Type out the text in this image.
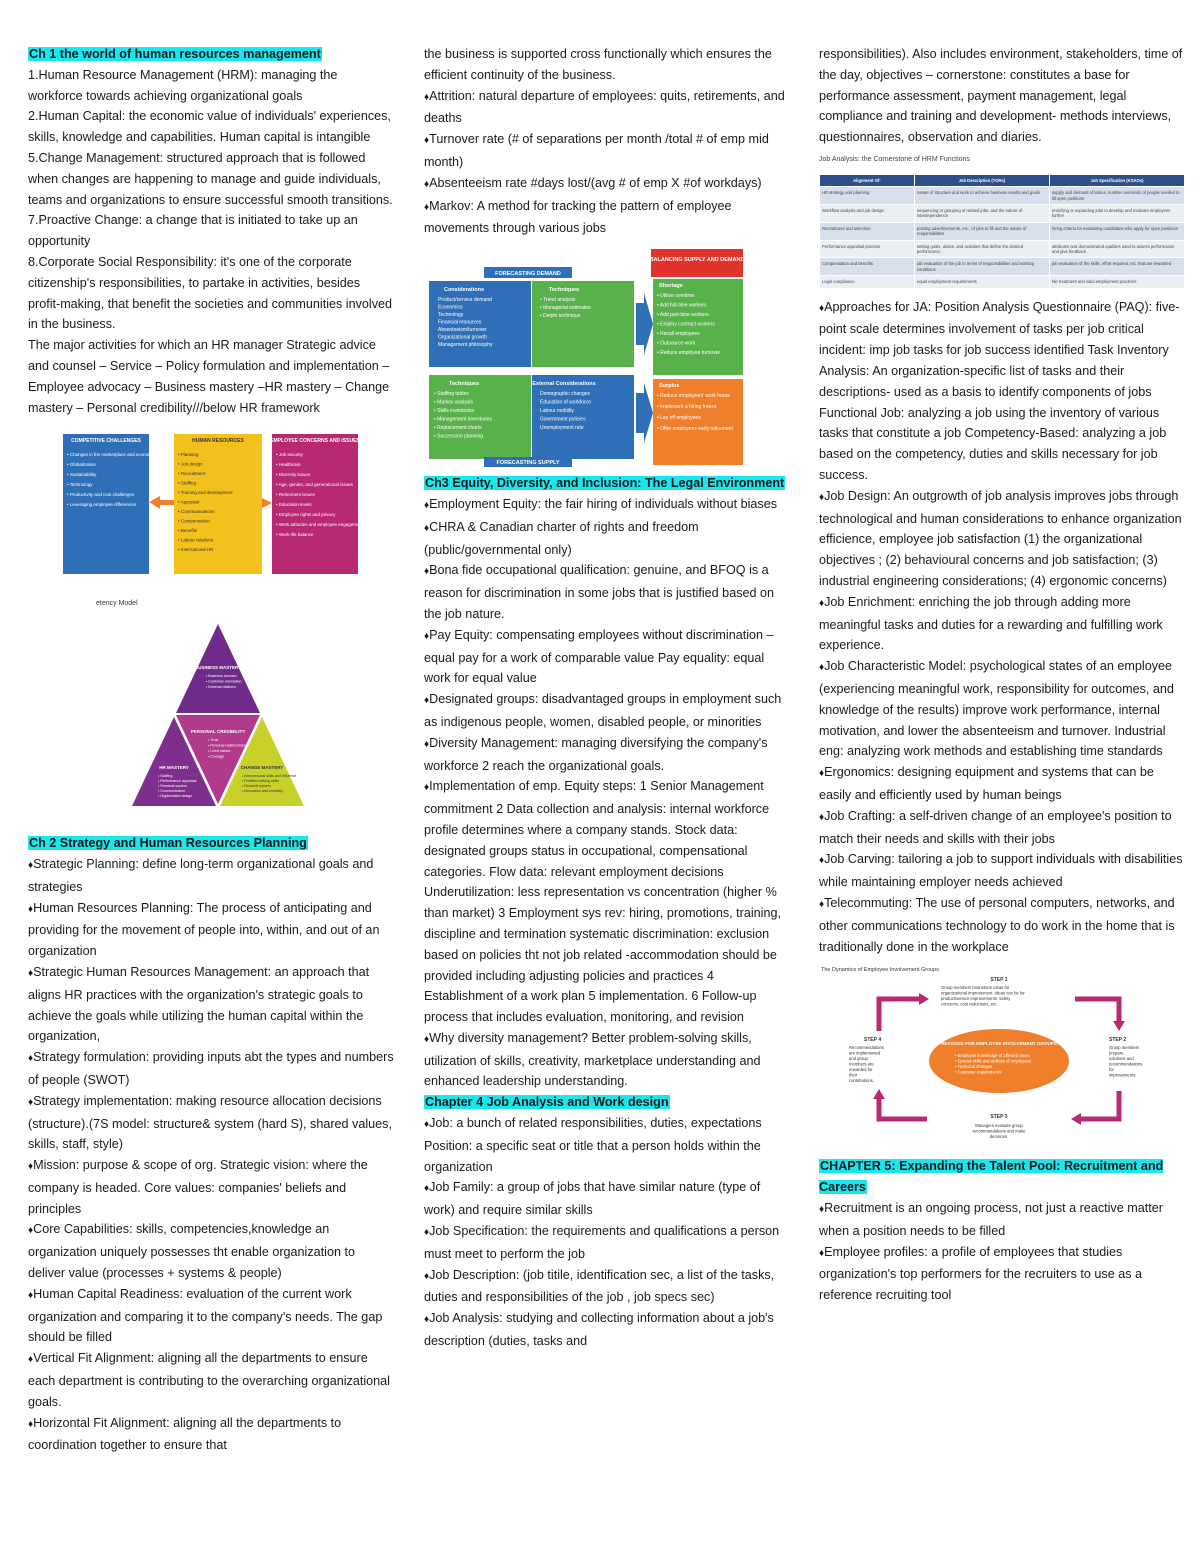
Ch 1 the world of human resources management

1.Human Resource Management (HRM): managing the workforce towards achieving organizational goals

2.Human Capital: the economic value of individuals' experiences, skills, knowledge and capabilities. Human capital is intangible

5.Change Management: structured approach that is followed when changes are happening to manage and guide individuals, teams and organizations to ensure successful smooth transitions.

7.Proactive Change: a change that is initiated to take up an opportunity

8.Corporate Social Responsibility: it's one of the corporate citizenship's responsibilities, to partake in activities, besides profit-making, that benefit the societies and communities involved in the business.

The major activities for which an HR manager Strategic advice and counsel – Service – Policy formulation and implementation – Employee advocacy – Business mastery –HR mastery – Change mastery – Personal credibility///below HR framework

COMPETITIVE CHALLENGES	HUMAN RESOURCES	EMPLOYEE CONCERNS AND ISSUES
• Changes in the marketplace and economy
• Globalization
• Sustainability
• Technology
• Productivity and cost challenges
• Leveraging employee differences
• Planning
• Job design
• Recruitment
• Staffing
• Training and development
• Appraisal
• Communications
• Compensation
• Benefits
• Labour relations
• International HR
• Job security
• Healthcare
• Diversity issues
• Age, gender, and generational issues
• Retirement issues
• Education levels
• Employee rights and privacy
• Work attitudes and employee engagement
• Work-life balance
etency Model
BUSINESS MASTERY
PERSONAL CREDIBILITY
HR MASTERY	CHANGE MASTERY
• Business acumen
• Customer orientation
• External relations
• Trust
• Personal relationships
• Lived values
• Courage
• Staffing
• Performance appraisal
• Rewards system
• Communication
• Organization design
• Interpersonal skills and influence
• Problem-solving skills
• Rewards system
• Innovation and creativity

Ch 2 Strategy and Human Resources Planning

♦ Strategic Planning: define long-term organizational goals and strategies

♦ Human Resources Planning: The process of anticipating and providing for the movement of people into, within, and out of an organization

♦ Strategic Human Resources Management: an approach that aligns HR practices with the organization's strategic goals to achieve the goals while utilizing the human capital within the organization,

♦ Strategy formulation: providing inputs abt the types and numbers of people (SWOT)

♦ Strategy implementation: making resource allocation decisions (structure).(7S model: structure& system (hard S), shared values, skills, staff, style)

♦ Mission: purpose & scope of org. Strategic vision: where the company is headed. Core values: companies' beliefs and principles

♦ Core Capabilities: skills, competencies,knowledge an organization uniquely possesses tht enable organization to deliver value (processes + systems & people)

♦ Human Capital Readiness: evaluation of the current work organization and comparing it to the company's needs. The gap should be filled

♦ Vertical Fit Alignment: aligning all the departments to ensure each department is contributing to the overarching organizational goals.

♦ Horizontal Fit Alignment: aligning all the departments to coordination together to ensure that

the business is supported cross functionally which ensures the efficient continuity of the business.

♦ Attrition: natural departure of employees: quits, retirements, and deaths

♦ Turnover rate (# of separations per month /total # of emp mid month)

♦ Absenteeism rate #days lost/(avg # of emp X #of workdays)

♦ Markov: A method for tracking the pattern of employee movements through various jobs

FORECASTING DEMAND
BALANCING SUPPLY AND DEMAND
FORECASTING SUPPLY
Considerations	Techniques
Shortage
Techniques	External Considerations	Surplus
Product/service demand
Economics
Technology
Financial resources
Absenteeism/turnover
Organizational growth
Management philosophy
• Trend analysis
• Managerial estimates
• Delphi technique
• Utilize overtime
• Add full-time workers
• Add part-time workers
• Employ contract workers
• Recall employees
• Outsource work
• Reduce employee turnover
• Staffing tables
• Markov analysis
• Skills inventories
• Management inventories
• Replacement charts
• Succession planning
Demographic changes
Education of workforce
Labour mobility
Government policies
Unemployment rate
• Reduce employees' work hours
• Implement a hiring freeze
• Lay off employees
• Offer employees early retirement

Ch3 Equity, Diversity, and Inclusion: The Legal Environment

♦ Employment Equity: the fair hiring of individuals without biases

♦ CHRA & Canadian charter of rights and freedom (public/governmental only)

♦ Bona fide occupational qualification: genuine, and BFOQ is a reason for discrimination in some jobs that is justified based on the job nature.

♦ Pay Equity: compensating employees without discrimination – equal pay for a work of comparable value Pay equality: equal work for equal value

♦ Designated groups: disadvantaged groups in employment such as indigenous people, women, disabled people, or minorities

♦ Diversity Management: managing diversifying the company's workforce 2 reach the organizational goals.

♦ Implementation of emp. Equity steps: 1 Senior Management commitment 2 Data collection and analysis: internal workforce profile determines where a company stands. Stock data: designated groups status in occupational, compensational categories. Flow data: relevant employment decisions Underutilization: less representation vs concentration (higher % than market) 3 Employment sys rev: hiring, promotions, training, discipline and termination systematic discrimination: exclusion based on policies tht not job related -accommodation should be provided including adjusting policies and practices 4 Establishment of a work plan 5 implementation. 6 Follow-up process that includes evaluation, monitoring, and revision

♦ Why diversity management? Better problem-solving skills, utilization of skills, creativity, marketplace understanding and enhanced leadership understanding.

Chapter 4 Job Analysis and Work design

♦ Job: a bunch of related responsibilities, duties, expectations Position: a specific seat or title that a person holds within the organization

♦ Job Family: a group of jobs that have similar nature (type of work) and require similar skills

♦ Job Specification: the requirements and qualifications a person must meet to perform the job

♦ Job Description: (job titile, identification sec, a list of the tasks, duties and responsibilities of the job , job specs sec)

♦ Job Analysis: studying and collecting information about a job's description (duties, tasks and

responsibilities). Also includes environment, stakeholders, time of the day, objectives – cornerstone: constitutes a base for performance assessment, payment management, legal compliance and training and development- methods interviews, questionnaires, observation and diaries.

Job Analysis: the Cornerstone of HRM Functions
Alignment Of:	Job Description (TORs)	Job Specification (KSAOs)
HR strategy and planning	nature of structure and work to achieve business results and goals	supply and demand of labour, number and kinds of people needed to fill open positions
Workflow analysis and job design	sequencing or grouping of related jobs, and the nature of interdependence	enriching or expanding jobs to develop and motivate employees further
Recruitment and selection	posting advertisements, etc., of jobs to fill and the nature of responsibilities	hiring criteria for evaluating candidates who apply for open positions
Performance appraisal process	setting goals, duties, and activities that define the desired performance	attributes and demonstrated qualities used to assess performance and give feedback
Compensation and benefits	job evaluation of the job in terms of responsibilities and working conditions	job evaluation of the skills, effort required, etc. that are rewarded
Legal compliance	equal employment requirements	fair treatment and valid employment practices

♦ Approaches for JA: Position Analysis Questionnaire (PAQ): five-point scale determines involvement of tasks per job critical incident: imp job tasks for job success identified Task Inventory Analysis: An organization-specific list of tasks and their descriptions- used as a basis to identify components of jobs Functional Job: analyzing a job using the inventory of various tasks that constitute a job Competency-Based: analyzing a job based on the competency, duties and skills necessary for job success.

♦ Job Design: An outgrowth of job analysis improves jobs through technological and human considerations to enhance organization efficience, employee job satisfaction (1) the organizational objectives ; (2) behavioural concerns and job satisfaction; (3) industrial engineering considerations; (4) ergonomic concerns)

♦ Job Enrichment: enriching the job through adding more meaningful tasks and duties for a rewarding and fulfilling work experience.

♦ Job Characteristic Model: psychological states of an employee (experiencing meaningful work, responsibility for outcomes, and knowledge of the results) improve work performance, internal motivation, and lower the absenteeism and turnover. Industrial eng: analyzing work methods and establishing time standards

♦ Ergonomics: designing equipment and systems that can be easily and efficiently used by human beings

♦ Job Crafting: a self-driven change of an employee's position to match their needs and skills with their jobs

♦ Job Carving: tailoring a job to support individuals with disabilities while maintaining employer needs achieved

♦ Telecommuting: The use of personal computers, networks, and other communications technology to do work in the home that is traditionally done in the workplace

The Dynamics of Employee Involvement Groups
STEP 1
STEP 2
STEP 3
STEP 4
REASONS FOR EMPLOYEE INVOLVEMENT GROUPS
Group members brainstorm ideas for
organizational improvement. Ideas can be for
product/service improvements, safety
concerns, cost reductions, etc.
Group members
prepare
solutions and
recommendations
for
improvements.
Managers evaluate group
recommendations and make
decisions.
Recommendations
are implemented
and group
members are
rewarded for
their
contributions.
• Employee knowledge of affected areas
• Special skills and abilities of employees
• Technical changes
• Customer requirements

CHAPTER 5: Expanding the Talent Pool: Recruitment and Careers

♦ Recruitment is an ongoing process, not just a reactive matter when a position needs to be filled

♦ Employee profiles: a profile of employees that studies organization's top performers for the recruiters to use as a reference recruiting tool
